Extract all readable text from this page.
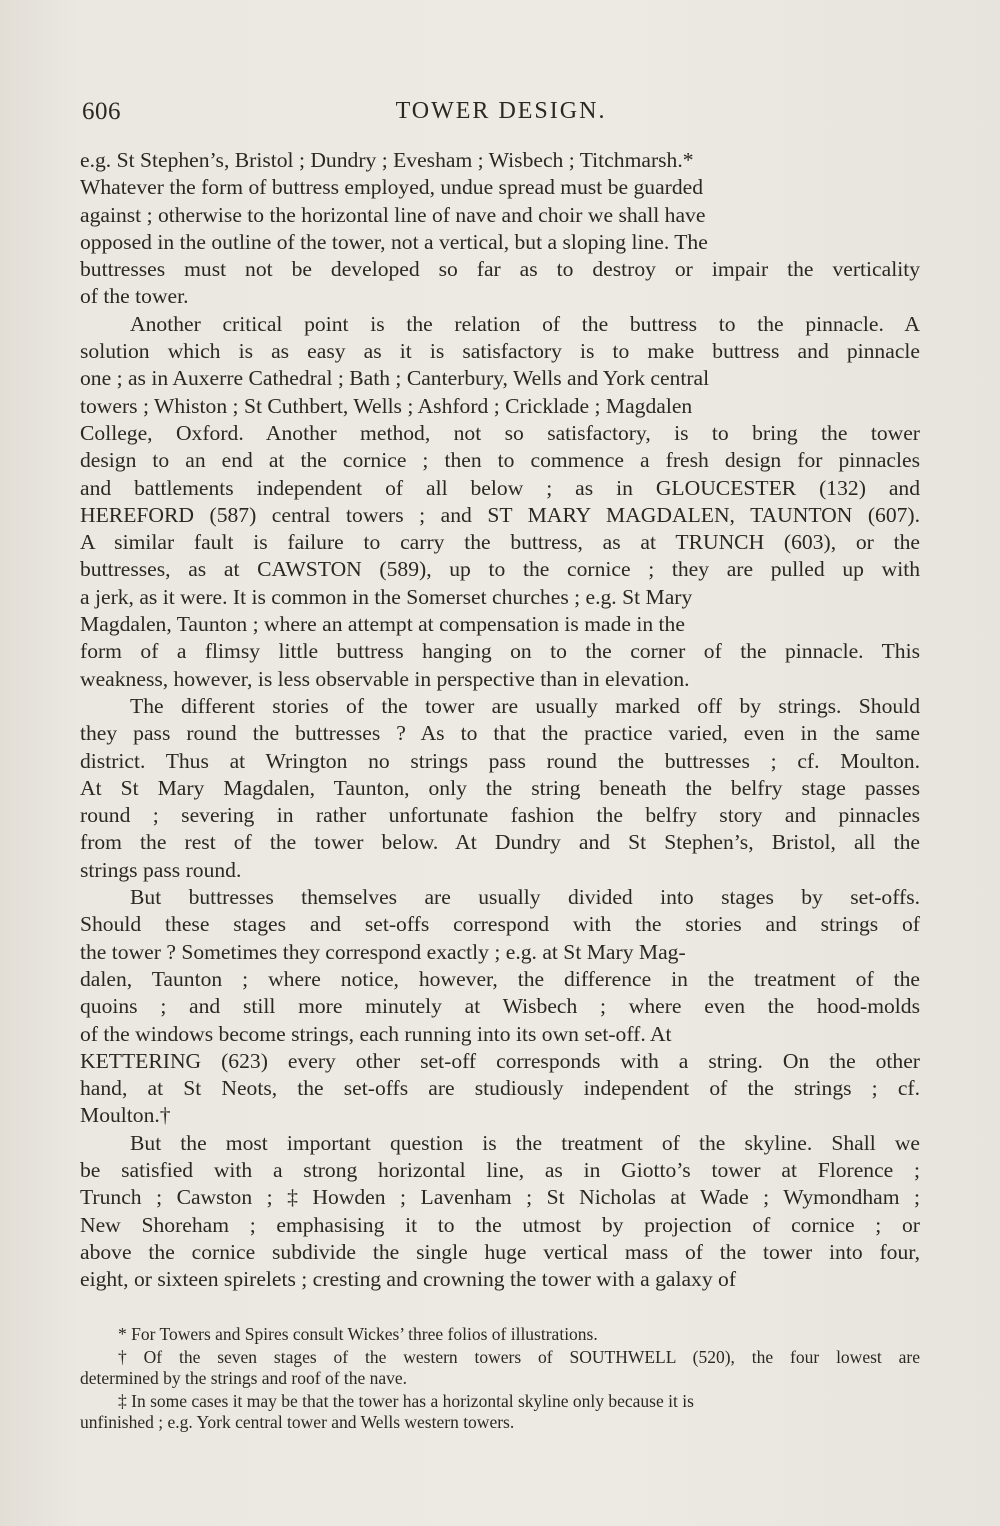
606	TOWER DESIGN.

e.g. St Stephen’s, Bristol ; Dundry ; Evesham ; Wisbech ; Titchmarsh.*
Whatever the form of buttress employed, undue spread must be guarded
against ; otherwise to the horizontal line of nave and choir we shall have
opposed in the outline of the tower, not a vertical, but a sloping line. The
buttresses must not be developed so far as to destroy or impair the verticality
of the tower.

Another critical point is the relation of the buttress to the pinnacle. A
solution which is as easy as it is satisfactory is to make buttress and pinnacle
one ; as in Auxerre Cathedral ; Bath ; Canterbury, Wells and York central
towers ; Whiston ; St Cuthbert, Wells ; Ashford ; Cricklade ; Magdalen
College, Oxford. Another method, not so satisfactory, is to bring the tower
design to an end at the cornice ; then to commence a fresh design for pinnacles
and battlements independent of all below ; as in GLOUCESTER (132) and
HEREFORD (587) central towers ; and ST MARY MAGDALEN, TAUNTON (607).
A similar fault is failure to carry the buttress, as at TRUNCH (603), or the
buttresses, as at CAWSTON (589), up to the cornice ; they are pulled up with
a jerk, as it were. It is common in the Somerset churches ; e.g. St Mary
Magdalen, Taunton ; where an attempt at compensation is made in the
form of a flimsy little buttress hanging on to the corner of the pinnacle. This
weakness, however, is less observable in perspective than in elevation.

The different stories of the tower are usually marked off by strings. Should
they pass round the buttresses ? As to that the practice varied, even in the same
district. Thus at Wrington no strings pass round the buttresses ; cf. Moulton.
At St Mary Magdalen, Taunton, only the string beneath the belfry stage passes
round ; severing in rather unfortunate fashion the belfry story and pinnacles
from the rest of the tower below. At Dundry and St Stephen’s, Bristol, all the
strings pass round.

But buttresses themselves are usually divided into stages by set-offs.
Should these stages and set-offs correspond with the stories and strings of
the tower ? Sometimes they correspond exactly ; e.g. at St Mary Mag-
dalen, Taunton ; where notice, however, the difference in the treatment of the
quoins ; and still more minutely at Wisbech ; where even the hood-molds
of the windows become strings, each running into its own set-off. At
KETTERING (623) every other set-off corresponds with a string. On the other
hand, at St Neots, the set-offs are studiously independent of the strings ; cf.
Moulton.†

But the most important question is the treatment of the skyline. Shall we
be satisfied with a strong horizontal line, as in Giotto’s tower at Florence ;
Trunch ; Cawston ; ‡ Howden ; Lavenham ; St Nicholas at Wade ; Wymondham ;
New Shoreham ; emphasising it to the utmost by projection of cornice ; or
above the cornice subdivide the single huge vertical mass of the tower into four,
eight, or sixteen spirelets ; cresting and crowning the tower with a galaxy of

* For Towers and Spires consult Wickes’ three folios of illustrations.

† Of the seven stages of the western towers of SOUTHWELL (520), the four lowest are
determined by the strings and roof of the nave.

‡ In some cases it may be that the tower has a horizontal skyline only because it is
unfinished ; e.g. York central tower and Wells western towers.
